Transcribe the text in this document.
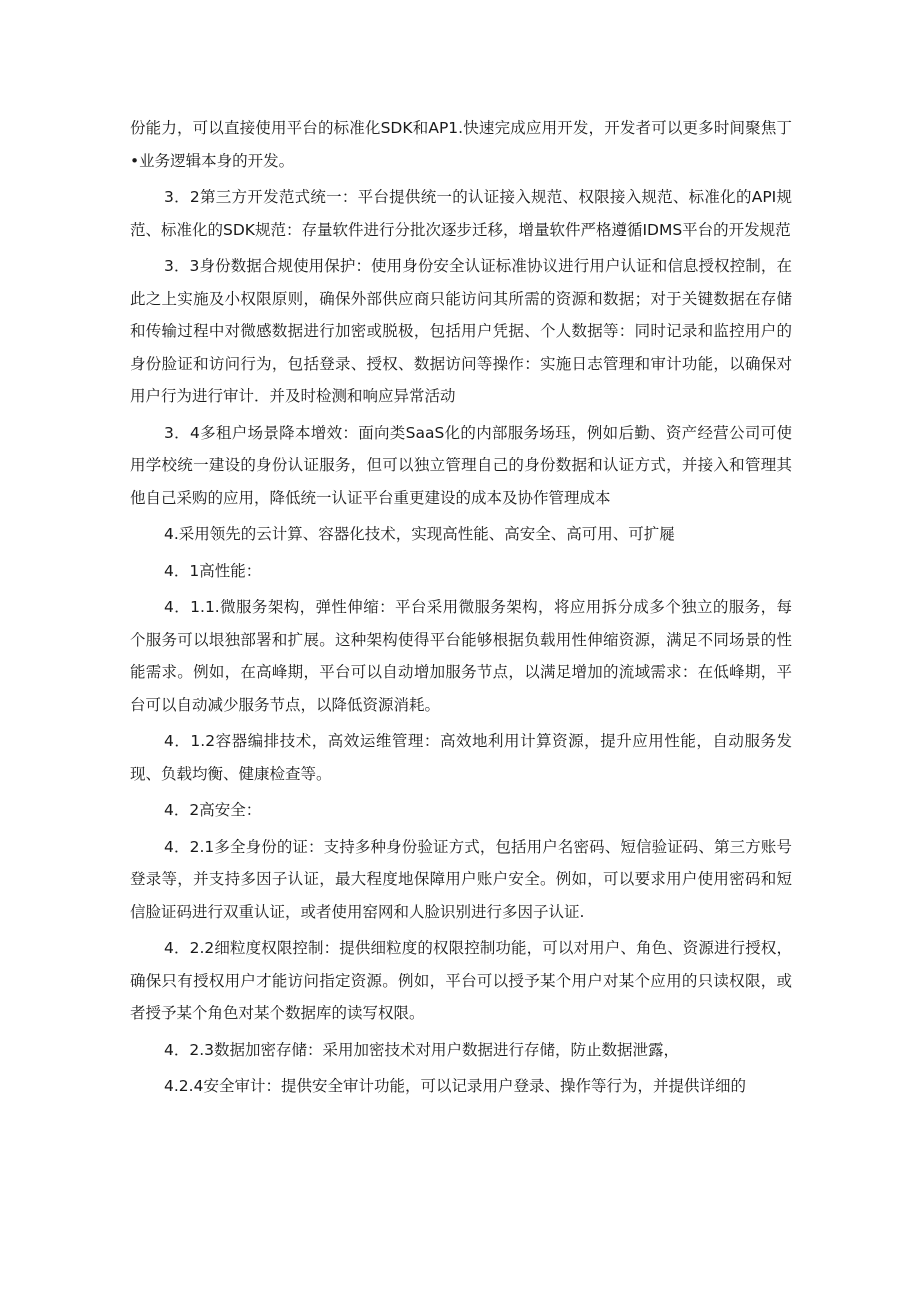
份能力，可以直接使用平台的标准化SDK和AP1.快速完成应用开发，开发者可以更多时间聚焦丁•业务逻辑本身的开发。

3．2第三方开发范式统一：平台提供统一的认证接入规范、权限接入规范、标准化的API规范、标准化的SDK规范：存量软件进行分批次逐步迁移，增量软件严格遵循IDMS平台的开发规范

3．3身份数据合规使用保护：使用身份安全认证标准协议进行用户认证和信息授权控制，在此之上实施及小权限原则，确保外部供应商只能访问其所需的资源和数据；对于关键数据在存储和传输过程中对微感数据进行加密或脱极，包括用户凭据、个人数据等：同时记录和监控用户的身份脸证和访问行为，包括登录、授权、数据访问等操作：实施日志管理和审计功能，以确保对用户行为进行审计．并及时检测和响应异常活动

3．4多租户场景降本增效：面向类SaaS化的内部服务场珏，例如后勤、资产经营公司可使用学校统一建设的身份认证服务，但可以独立管理自己的身份数据和认证方式，并接入和管理其他自己采购的应用，降低统一认证平台重更建设的成本及协作管理成本

4.采用领先的云计算、容器化技术，实现高性能、高安全、高可用、可扩屣

4．1高性能：

4．1.1.微服务架构，弹性伸缩：平台采用微服务架构，将应用拆分成多个独立的服务，每个服务可以垠独部署和扩展。这种架构使得平台能够根据负载用性伸缩资源，满足不同场景的性能需求。例如，在高峰期，平台可以自动增加服务节点，以满足增加的流域需求：在低峰期，平台可以自动减少服务节点，以降低资源消耗。

4．1.2容器编排技术，高效运维管理：高效地利用计算资源，提升应用性能，自动服务发现、负载均衡、健康检查等。

4．2高安全：

4．2.1多全身份的证：支持多种身份验证方式，包括用户名密码、短信验证码、第三方账号登录等，并支持多因子认证，最大程度地保障用户账户安全。例如，可以要求用户使用密码和短信脸证码进行双重认证，或者使用窑网和人脸识别进行多因子认证.

4．2.2细粒度权限控制：提供细粒度的权限控制功能，可以对用户、角色、资源进行授权，确保只有授权用户才能访问指定资源。例如，平台可以授予某个用户对某个应用的只读权限，或者授予某个角色对某个数据库的读写权限。

4．2.3数据加密存储：采用加密技术对用户数据进行存储，防止数据泄露，

4.2.4安全审计：提供安全审计功能，可以记录用户登录、操作等行为，并提供详细的
